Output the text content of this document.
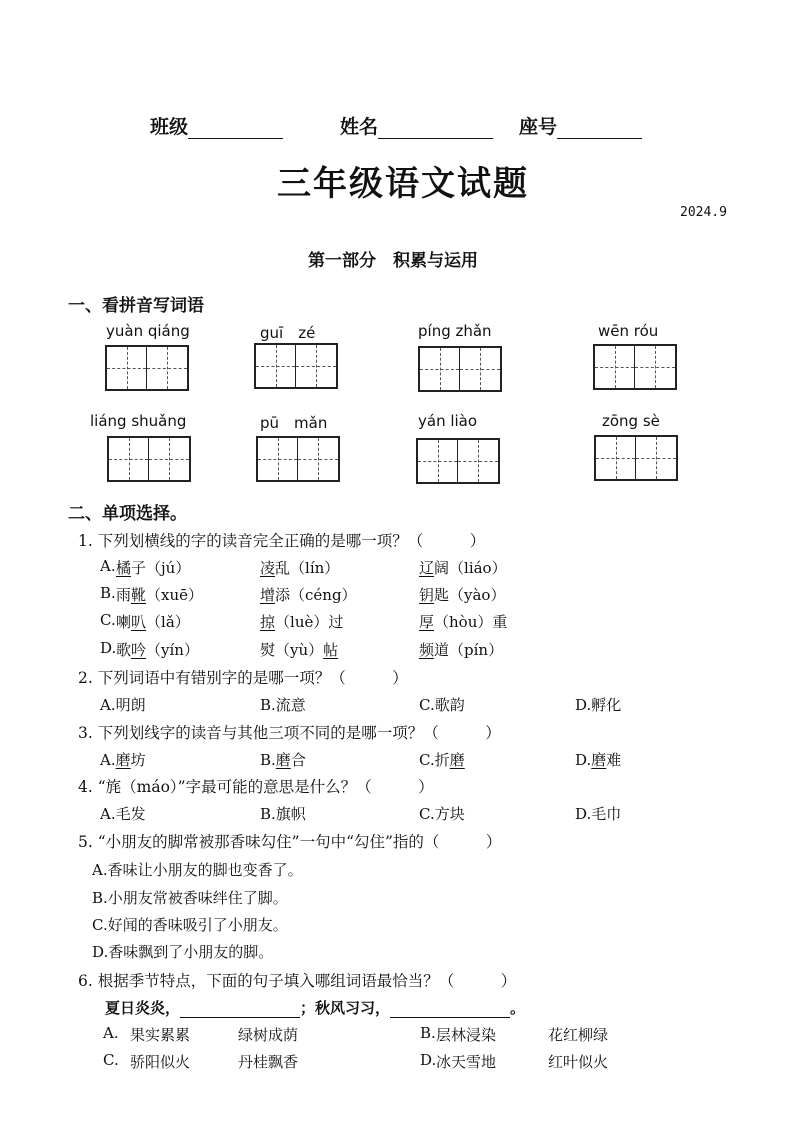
班级	姓名	座号
三年级语文试题
2024.9
第一部分　积累与运用
一、看拼音写词语
yuàn qiáng	guī　zé	píng zhǎn	wēn róu
liáng shuǎng	pū　mǎn	yán liào	zōng sè
二、单项选择。
1. 下列划横线的字的读音完全正确的是哪一项？（　　　）
A. 橘子（jú）	凌乱（lín）	辽阔（liáo）
B. 雨靴（xuē）	增添（céng）	钥匙（yào）
C. 喇叭（lǎ）	掠（luè）过	厚（hòu）重
D. 歌吟（yín）	熨（yù）帖	频道（pín）
2. 下列词语中有错别字的是哪一项？（　　　）
A.明朗	B.流意	C.歌韵	D.孵化
3. 下列划线字的读音与其他三项不同的是哪一项？（　　　）
A.磨坊	B.磨合	C.折磨	D.磨难
4. “旄（máo）”字最可能的意思是什么？（　　　）
A.毛发	B.旗帜	C.方块	D.毛巾
5. “小朋友的脚常被那香味勾住”一句中“勾住”指的（　　　）
A.香味让小朋友的脚也变香了。
B.小朋友常被香味绊住了脚。
C.好闻的香味吸引了小朋友。
D.香味飘到了小朋友的脚。
6. 根据季节特点，下面的句子填入哪组词语最恰当？（　　　）
夏日炎炎，	；秋风习习，	。
A. 果实累累	绿树成荫	B. 层林浸染	花红柳绿
C. 骄阳似火	丹桂飘香	D. 冰天雪地	红叶似火
